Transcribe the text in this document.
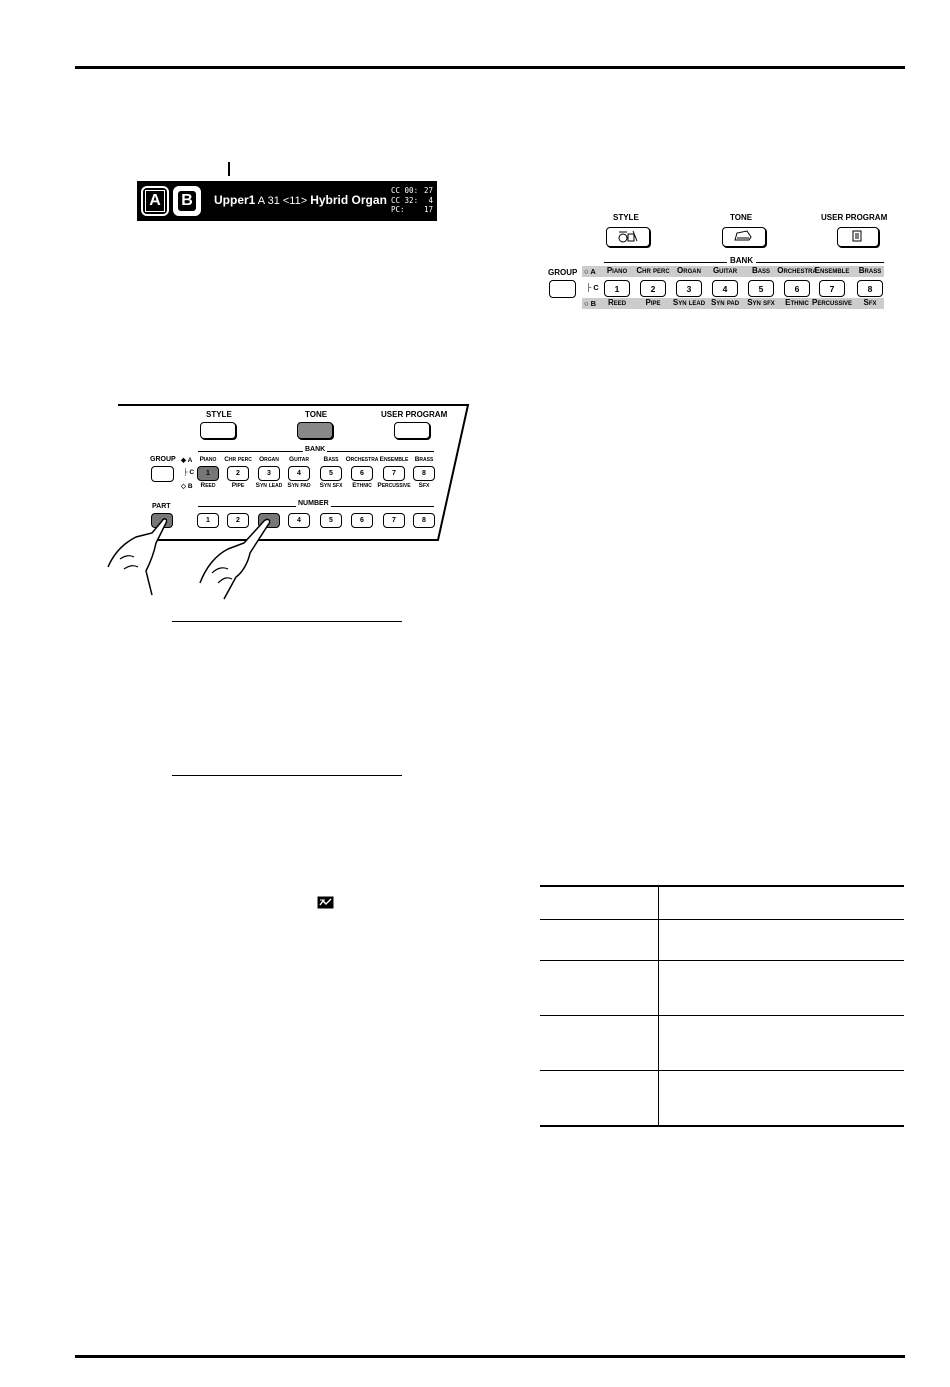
A B Upper1 A 31 <11> Hybrid Organ
CC 00: 27
CC 32: 4
PC:	17
STYLE	TONE	USER PROGRAM
BANK
GROUP ○ A
├ C
○ B
Piano	Chr perc Organ	Guitar	Bass Orchestra
Ensemble	Brass
1	2	3	4	5	6	7	8
Reed	Pipe	Syn lead Syn pad	Syn sfx	Ethnic Percussive	Sfx
STYLE	TONE	USER PROGRAM
BANK
GROUP ◆ A
├ C
◇ B
Piano	Chr perc	Organ	Guitar	Bass	Orchestra Ensemble Brass
1	2	3	4	5	6	7	8
Reed	Pipe	Syn lead Syn pad	Syn sfx	Ethnic Percussive	Sfx
PART	NUMBER
1	2	4	5	6	7	8
